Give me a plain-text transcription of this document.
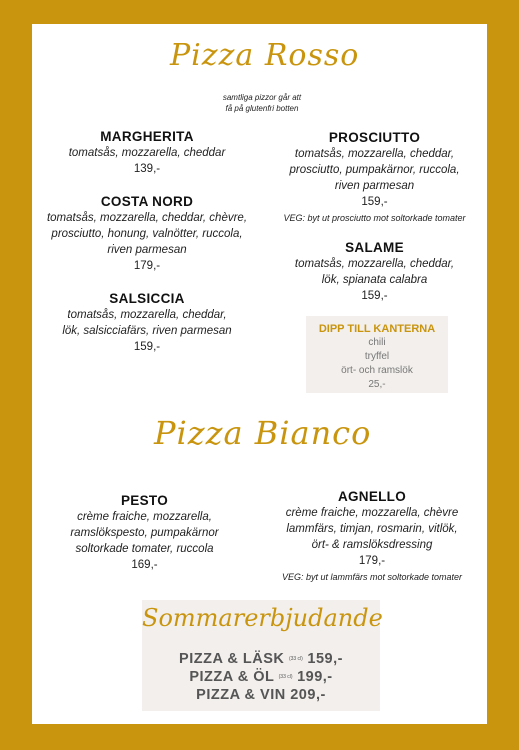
Pizza Rosso
samtliga pizzor går att
få på glutenfri botten
MARGHERITA
tomatsås, mozzarella, cheddar
139,-
COSTA NORD
tomatsås, mozzarella, cheddar, chèvre,
prosciutto, honung, valnötter, ruccola,
riven parmesan
179,-
SALSICCIA
tomatsås, mozzarella, cheddar,
lök, salsicciafärs, riven parmesan
159,-
PROSCIUTTO
tomatsås, mozzarella, cheddar,
prosciutto, pumpakärnor, ruccola,
riven parmesan
159,-
VEG: byt ut prosciutto mot soltorkade tomater
SALAME
tomatsås, mozzarella, cheddar,
lök, spianata calabra
159,-
DIPP TILL KANTERNA
chili
tryffel
ört- och ramslök
25,-
Pizza Bianco
PESTO
crème fraiche, mozzarella,
ramslökspesto, pumpakärnor
soltorkade tomater, ruccola
169,-
AGNELLO
crème fraiche, mozzarella, chèvre
lammfärs, timjan, rosmarin, vitlök,
ört- & ramslöksdressing
179,-
VEG: byt ut lammfärs mot soltorkade tomater
Sommarerbjudande
PIZZA & LÄSK (33 cl) 159,-
PIZZA & ÖL (33 cl) 199,-
PIZZA & VIN 209,-
